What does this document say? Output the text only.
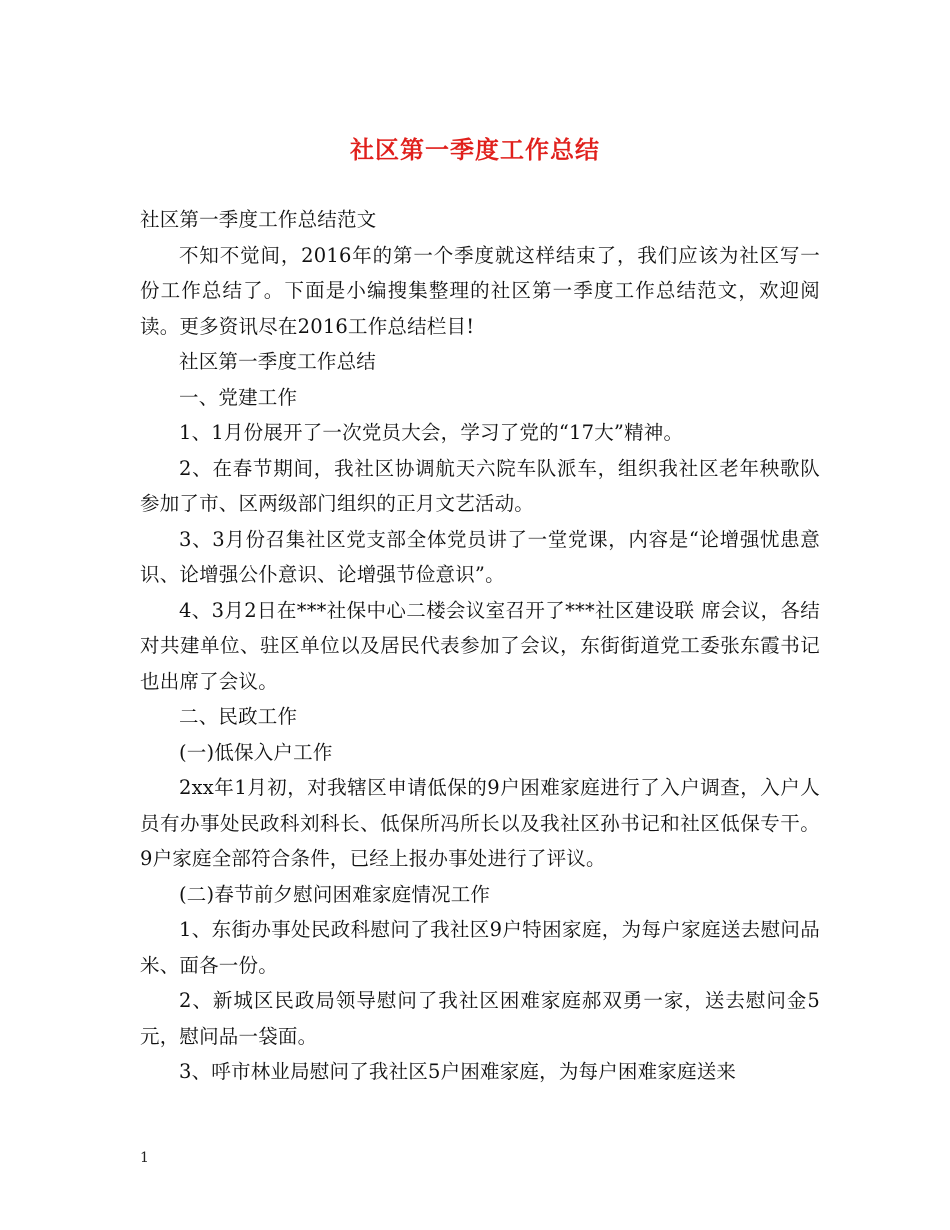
社区第一季度工作总结

社区第一季度工作总结范文

不知不觉间，2016年的第一个季度就这样结束了，我们应该为社区写一份工作总结了。下面是小编搜集整理的社区第一季度工作总结范文，欢迎阅读。更多资讯尽在2016工作总结栏目!

社区第一季度工作总结

一、党建工作

1、1月份展开了一次党员大会，学习了党的“17大”精神。

2、在春节期间，我社区协调航天六院车队派车，组织我社区老年秧歌队参加了市、区两级部门组织的正月文艺活动。

3、3月份召集社区党支部全体党员讲了一堂党课，内容是“论增强忧患意识、论增强公仆意识、论增强节俭意识”。

4、3月2日在***社保中心二楼会议室召开了***社区建设联 席会议，各结对共建单位、驻区单位以及居民代表参加了会议，东街街道党工委张东霞书记也出席了会议。

二、民政工作

(一)低保入户工作

2xx年1月初，对我辖区申请低保的9户困难家庭进行了入户调查，入户人员有办事处民政科刘科长、低保所冯所长以及我社区孙书记和社区低保专干。9户家庭全部符合条件，已经上报办事处进行了评议。

(二)春节前夕慰问困难家庭情况工作

1、东街办事处民政科慰问了我社区9户特困家庭，为每户家庭送去慰问品米、面各一份。

2、新城区民政局领导慰问了我社区困难家庭郝双勇一家，送去慰问金5元，慰问品一袋面。

3、呼市林业局慰问了我社区5户困难家庭，为每户困难家庭送来

1
